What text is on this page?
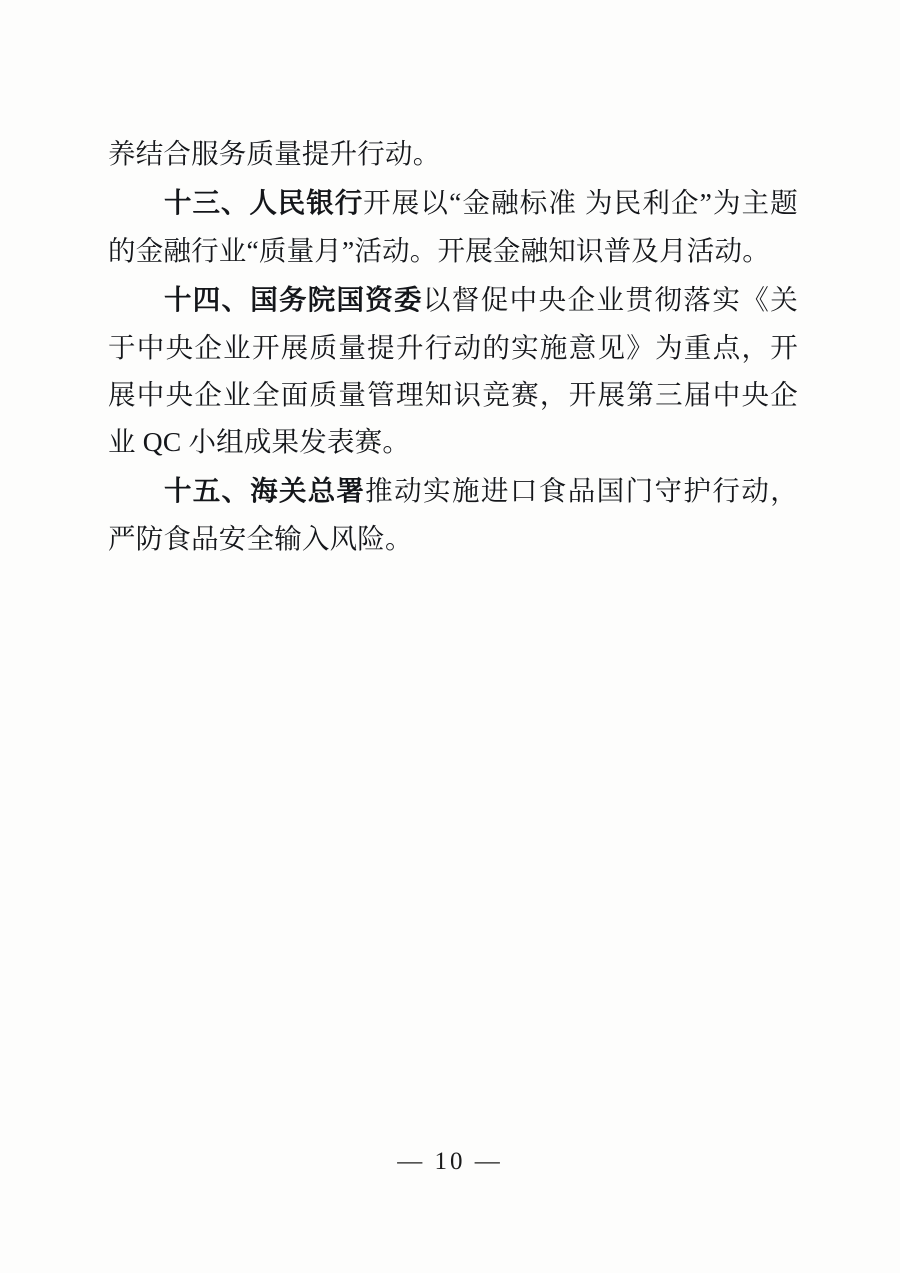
养结合服务质量提升行动。

十三、人民银行开展以“金融标准 为民利企”为主题的金融行业“质量月”活动。开展金融知识普及月活动。

十四、国务院国资委以督促中央企业贯彻落实《关于中央企业开展质量提升行动的实施意见》为重点，开展中央企业全面质量管理知识竞赛，开展第三届中央企业 QC 小组成果发表赛。

十五、海关总署推动实施进口食品国门守护行动，严防食品安全输入风险。

— 10 —
